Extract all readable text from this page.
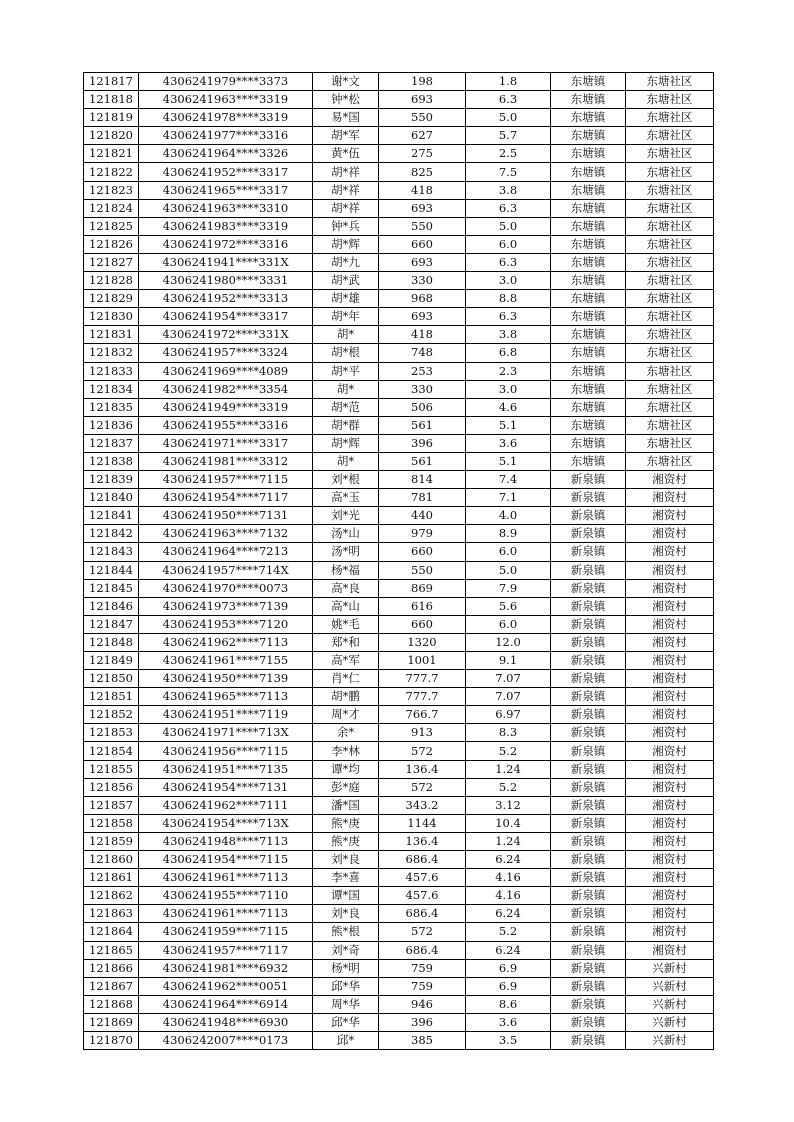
121817	4306241979****3373	谢*文	198	1.8	东塘镇	东塘社区
121818	4306241963****3319	钟*松	693	6.3	东塘镇	东塘社区
121819	4306241978****3319	易*国	550	5.0	东塘镇	东塘社区
121820	4306241977****3316	胡*军	627	5.7	东塘镇	东塘社区
121821	4306241964****3326	黄*伍	275	2.5	东塘镇	东塘社区
121822	4306241952****3317	胡*祥	825	7.5	东塘镇	东塘社区
121823	4306241965****3317	胡*祥	418	3.8	东塘镇	东塘社区
121824	4306241963****3310	胡*祥	693	6.3	东塘镇	东塘社区
121825	4306241983****3319	钟*兵	550	5.0	东塘镇	东塘社区
121826	4306241972****3316	胡*辉	660	6.0	东塘镇	东塘社区
121827	4306241941****331X	胡*九	693	6.3	东塘镇	东塘社区
121828	4306241980****3331	胡*武	330	3.0	东塘镇	东塘社区
121829	4306241952****3313	胡*雄	968	8.8	东塘镇	东塘社区
121830	4306241954****3317	胡*年	693	6.3	东塘镇	东塘社区
121831	4306241972****331X	胡*	418	3.8	东塘镇	东塘社区
121832	4306241957****3324	胡*根	748	6.8	东塘镇	东塘社区
121833	4306241969****4089	胡*平	253	2.3	东塘镇	东塘社区
121834	4306241982****3354	胡*	330	3.0	东塘镇	东塘社区
121835	4306241949****3319	胡*范	506	4.6	东塘镇	东塘社区
121836	4306241955****3316	胡*群	561	5.1	东塘镇	东塘社区
121837	4306241971****3317	胡*辉	396	3.6	东塘镇	东塘社区
121838	4306241981****3312	胡*	561	5.1	东塘镇	东塘社区
121839	4306241957****7115	刘*根	814	7.4	新泉镇	湘资村
121840	4306241954****7117	高*玉	781	7.1	新泉镇	湘资村
121841	4306241950****7131	刘*光	440	4.0	新泉镇	湘资村
121842	4306241963****7132	汤*山	979	8.9	新泉镇	湘资村
121843	4306241964****7213	汤*明	660	6.0	新泉镇	湘资村
121844	4306241957****714X	杨*福	550	5.0	新泉镇	湘资村
121845	4306241970****0073	高*良	869	7.9	新泉镇	湘资村
121846	4306241973****7139	高*山	616	5.6	新泉镇	湘资村
121847	4306241953****7120	姚*毛	660	6.0	新泉镇	湘资村
121848	4306241962****7113	郑*和	1320	12.0	新泉镇	湘资村
121849	4306241961****7155	高*军	1001	9.1	新泉镇	湘资村
121850	4306241950****7139	肖*仁	777.7	7.07	新泉镇	湘资村
121851	4306241965****7113	胡*鹏	777.7	7.07	新泉镇	湘资村
121852	4306241951****7119	周*才	766.7	6.97	新泉镇	湘资村
121853	4306241971****713X	余*	913	8.3	新泉镇	湘资村
121854	4306241956****7115	李*林	572	5.2	新泉镇	湘资村
121855	4306241951****7135	谭*均	136.4	1.24	新泉镇	湘资村
121856	4306241954****7131	彭*庭	572	5.2	新泉镇	湘资村
121857	4306241962****7111	潘*国	343.2	3.12	新泉镇	湘资村
121858	4306241954****713X	熊*庚	1144	10.4	新泉镇	湘资村
121859	4306241948****7113	熊*庚	136.4	1.24	新泉镇	湘资村
121860	4306241954****7115	刘*良	686.4	6.24	新泉镇	湘资村
121861	4306241961****7113	李*喜	457.6	4.16	新泉镇	湘资村
121862	4306241955****7110	谭*国	457.6	4.16	新泉镇	湘资村
121863	4306241961****7113	刘*良	686.4	6.24	新泉镇	湘资村
121864	4306241959****7115	熊*根	572	5.2	新泉镇	湘资村
121865	4306241957****7117	刘*奇	686.4	6.24	新泉镇	湘资村
121866	4306241981****6932	杨*明	759	6.9	新泉镇	兴新村
121867	4306241962****0051	邱*华	759	6.9	新泉镇	兴新村
121868	4306241964****6914	周*华	946	8.6	新泉镇	兴新村
121869	4306241948****6930	邱*华	396	3.6	新泉镇	兴新村
121870	4306242007****0173	邱*	385	3.5	新泉镇	兴新村
